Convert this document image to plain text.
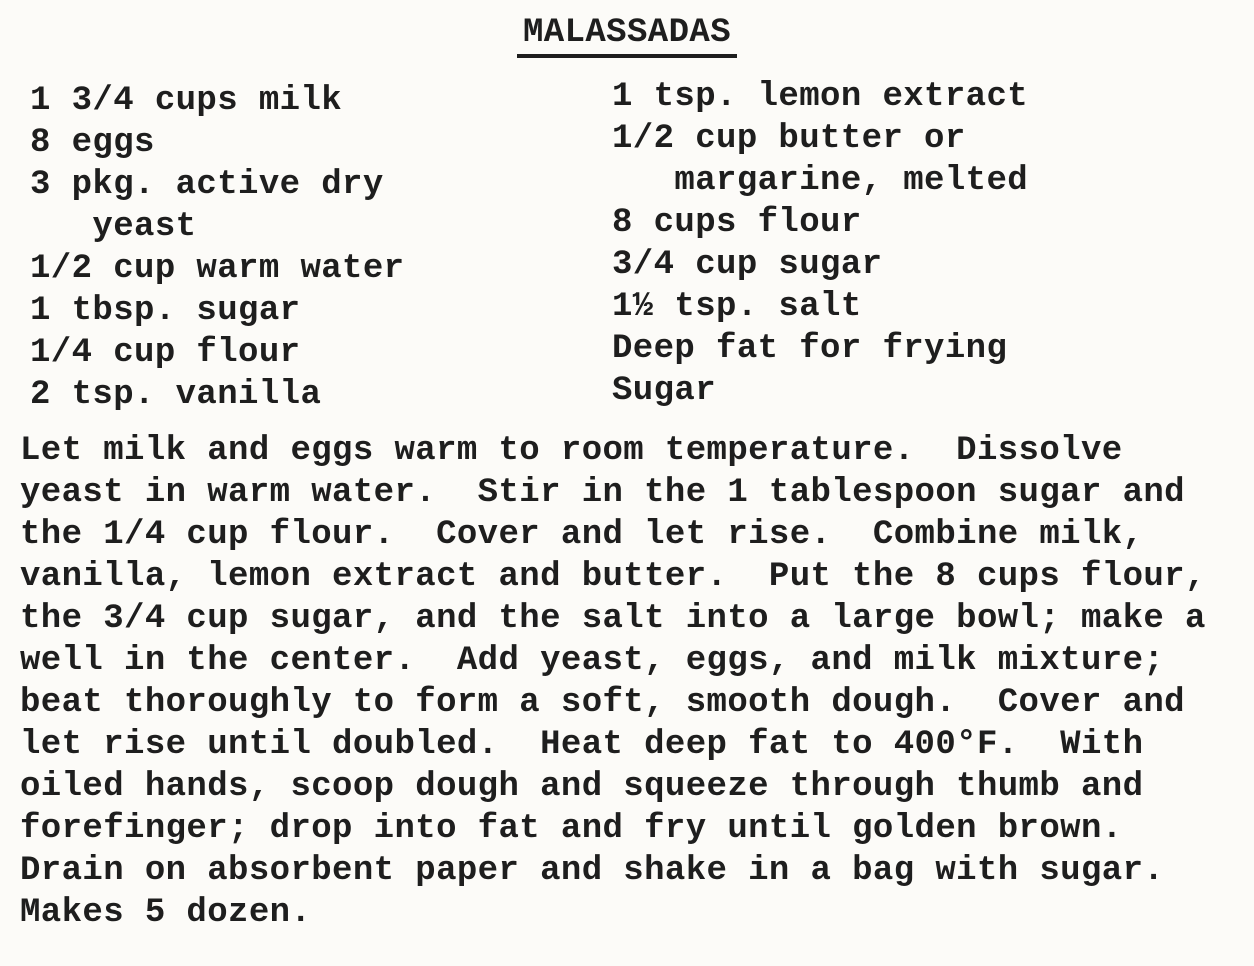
MALASSADAS
1 3/4 cups milk
8 eggs
3 pkg. active dry
yeast
1/2 cup warm water
1 tbsp. sugar
1/4 cup flour
2 tsp. vanilla
1 tsp. lemon extract
1/2 cup butter or
margarine, melted
8 cups flour
3/4 cup sugar
1½ tsp. salt
Deep fat for frying
Sugar
Let milk and eggs warm to room temperature.  Dissolve
yeast in warm water.  Stir in the 1 tablespoon sugar and
the 1/4 cup flour.  Cover and let rise.  Combine milk,
vanilla, lemon extract and butter.  Put the 8 cups flour,
the 3/4 cup sugar, and the salt into a large bowl; make a
well in the center.  Add yeast, eggs, and milk mixture;
beat thoroughly to form a soft, smooth dough.  Cover and
let rise until doubled.  Heat deep fat to 400°F.  With
oiled hands, scoop dough and squeeze through thumb and
forefinger; drop into fat and fry until golden brown.
Drain on absorbent paper and shake in a bag with sugar.
Makes 5 dozen.
